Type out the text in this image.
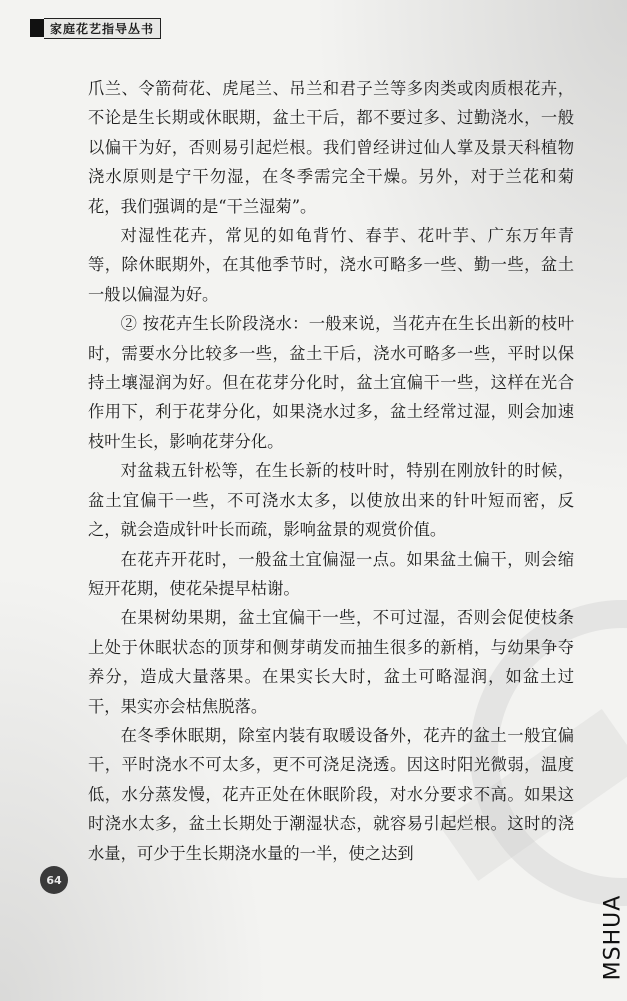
家庭花艺指导丛书

爪兰、令箭荷花、虎尾兰、吊兰和君子兰等多肉类或肉质根花卉，不论是生长期或休眠期，盆土干后，都不要过多、过勤浇水，一般以偏干为好，否则易引起烂根。我们曾经讲过仙人掌及景天科植物浇水原则是宁干勿湿，在冬季需完全干燥。另外，对于兰花和菊花，我们强调的是“干兰湿菊”。

对湿性花卉，常见的如龟背竹、春芋、花叶芋、广东万年青等，除休眠期外，在其他季节时，浇水可略多一些、勤一些，盆土一般以偏湿为好。

② 按花卉生长阶段浇水：一般来说，当花卉在生长出新的枝叶时，需要水分比较多一些，盆土干后，浇水可略多一些，平时以保持土壤湿润为好。但在花芽分化时，盆土宜偏干一些，这样在光合作用下，利于花芽分化，如果浇水过多，盆土经常过湿，则会加速枝叶生长，影响花芽分化。

对盆栽五针松等，在生长新的枝叶时，特别在刚放针的时候，盆土宜偏干一些，不可浇水太多，以使放出来的针叶短而密，反之，就会造成针叶长而疏，影响盆景的观赏价值。

在花卉开花时，一般盆土宜偏湿一点。如果盆土偏干，则会缩短开花期，使花朵提早枯谢。

在果树幼果期，盆土宜偏干一些，不可过湿，否则会促使枝条上处于休眠状态的顶芽和侧芽萌发而抽生很多的新梢，与幼果争夺养分，造成大量落果。在果实长大时，盆土可略湿润，如盆土过干，果实亦会枯焦脱落。

在冬季休眠期，除室内装有取暖设备外，花卉的盆土一般宜偏干，平时浇水不可太多，更不可浇足浇透。因这时阳光微弱，温度低，水分蒸发慢，花卉正处在休眠阶段，对水分要求不高。如果这时浇水太多，盆土长期处于潮湿状态，就容易引起烂根。这时的浇水量，可少于生长期浇水量的一半，使之达到

64
MSHUA
